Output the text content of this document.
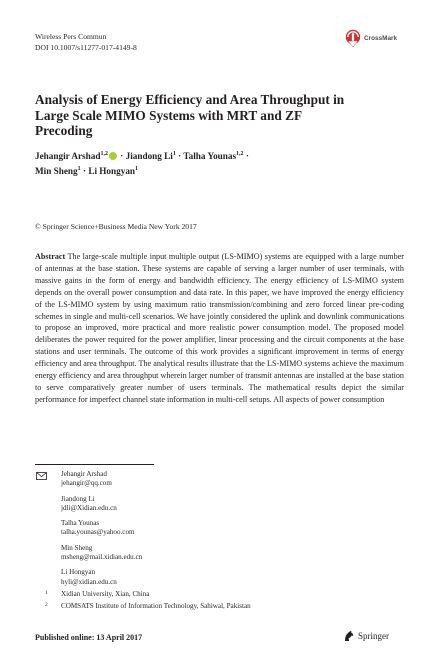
Wireless Pers Commun
DOI 10.1007/s11277-017-4149-8
CrossMark
Analysis of Energy Efficiency and Area Throughput in Large Scale MIMO Systems with MRT and ZF Precoding
Jehangir Arshad$^{1,2}$ · Jiandong $Li^1$ · Talha Younas$^{1,2}$ ·
Min Sheng$^1$ · Li Hongyan$^1$
© Springer Science+Business Media New York 2017
Abstract The large-scale multiple input multiple output (LS-MIMO) systems are equipped with a large number of antennas at the base station. These systems are capable of serving a larger number of user terminals, with massive gains in the form of energy and bandwidth efficiency. The energy efficiency of LS-MIMO system depends on the overall power consumption and data rate. In this paper, we have improved the energy efficiency of the LS-MIMO system by using maximum ratio transmission/combining and zero forced linear pre-coding schemes in single and multi-cell scenarios. We have jointly considered the uplink and downlink communications to propose an improved, more practical and more realistic power consumption model. The proposed model deliberates the power required for the power amplifier, linear processing and the circuit components at the base stations and user terminals. The outcome of this work provides a significant improvement in terms of energy efficiency and area throughput. The analytical results illustrate that the LS-MIMO systems achieve the maximum energy efficiency and area throughput wherein larger number of transmit antennas are installed at the base station to serve comparatively greater number of users terminals. The mathematical results depict the similar performance for imperfect channel state information in multi-cell setups. All aspects of power consumption
Jehangir Arshad
jehangir@qq.com
Jiandong Li
jdli@Xidian.edu.cn
Talha Younas
talha.younas@yahoo.com
Min Sheng
msheng@mail.xidian.edu.cn
Li Hongyan
hyli@xidian.edu.cn
1 Xidian University, Xian, China
2 COMSATS Institute of Information Technology, Sahiwal, Pakistan
Published online: 13 April 2017	Springer
